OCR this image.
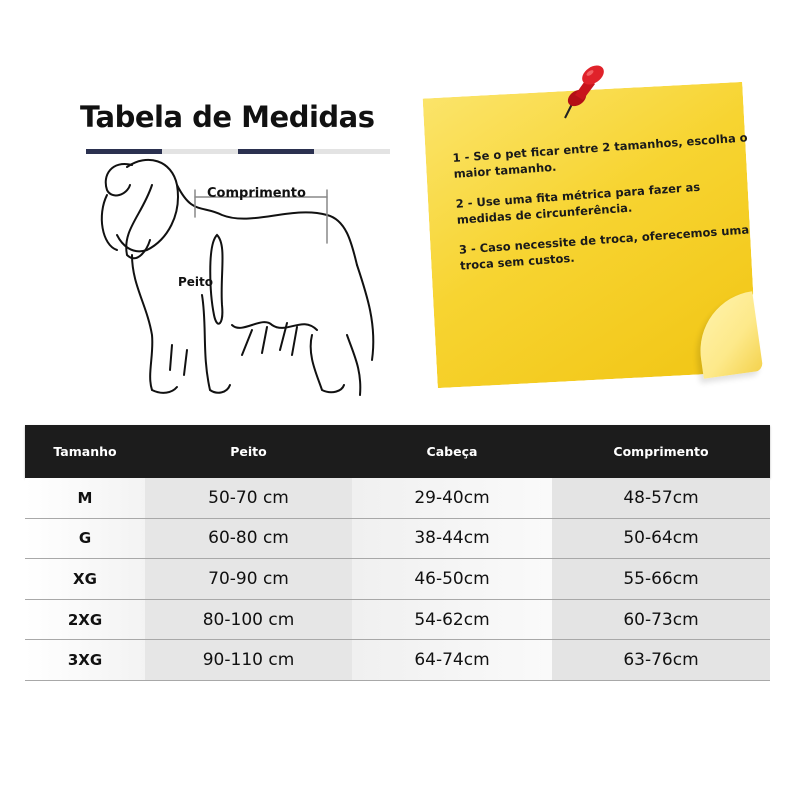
Tabela de Medidas
Comprimento
Peito

1 - Se o pet ficar entre 2 tamanhos, escolha o maior tamanho.

2 - Use uma fita métrica para fazer as medidas de circunferência.

3 - Caso necessite de troca, oferecemos uma troca sem custos.

Tamanho	Peito	Cabeça	Comprimento
M	50-70 cm	29-40cm	48-57cm
G	60-80 cm	38-44cm	50-64cm
XG	70-90 cm	46-50cm	55-66cm
2XG	80-100 cm	54-62cm	60-73cm
3XG	90-110 cm	64-74cm	63-76cm
